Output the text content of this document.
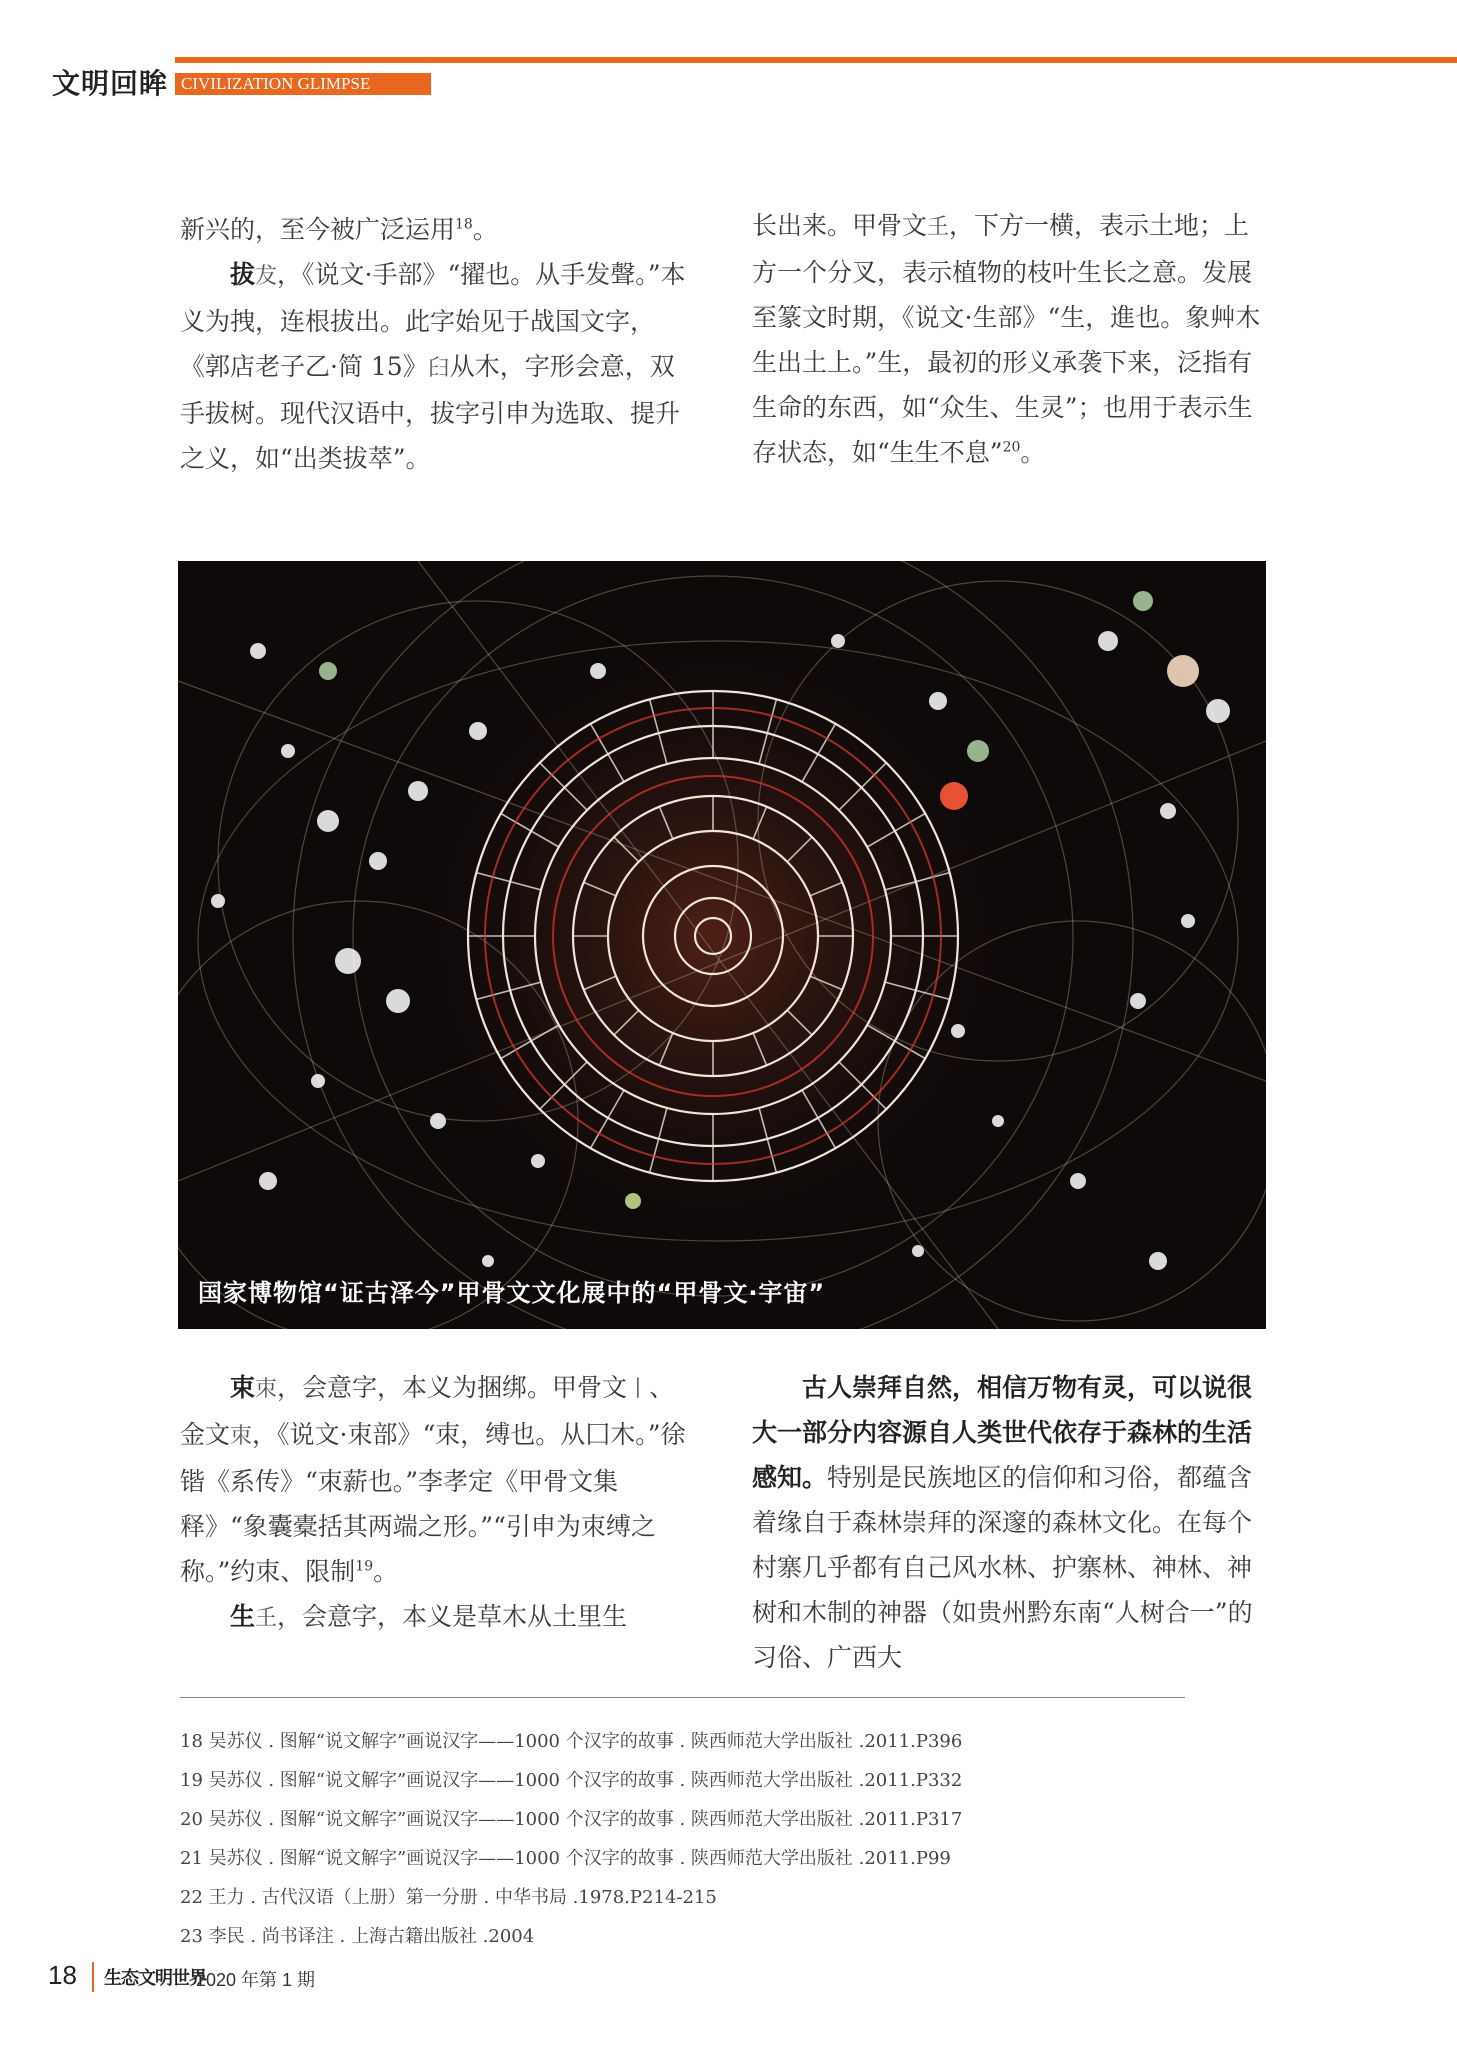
文明回眸 CIVILIZATION GLIMPSE

新兴的，至今被广泛运用$^{18}$。

拔犮，《说文·手部》“擢也。从手发聲。”本义为拽，连根拔出。此字始见于战国文字，《郭店老子乙·简 15》𦥑从木，字形会意，双手拔树。现代汉语中，拔字引申为选取、提升之义，如“出类拔萃”。

长出来。甲骨文𡈼，下方一横，表示土地；上方一个分叉，表示植物的枝叶生长之意。发展至篆文时期，《说文·生部》“生，進也。象艸木生出土上。”生，最初的形义承袭下来，泛指有生命的东西，如“众生、生灵”；也用于表示生存状态，如“生生不息”$^{20}$。

国家博物馆“证古泽今”甲骨文文化展中的“甲骨文·宇宙”

束朿，会意字，本义为捆绑。甲骨文丨、金文朿，《说文·朿部》“朿，缚也。从囗木。”徐锴《系传》“朿薪也。”李孝定《甲骨文集释》“象囊橐括其两端之形。”“引申为朿缚之称。”约朿、限制$^{19}$。

生𡈼，会意字，本义是草木从土里生

古人崇拜自然，相信万物有灵，可以说很大一部分内容源自人类世代依存于森林的生活感知。特别是民族地区的信仰和习俗，都蕴含着缘自于森林崇拜的深邃的森林文化。在每个村寨几乎都有自己风水林、护寨林、神林、神树和木制的神器（如贵州黔东南“人树合一”的习俗、广西大

18 吴苏仪 . 图解“说文解字”画说汉字——1000 个汉字的故事 . 陕西师范大学出版社 .2011.P396
19 吴苏仪 . 图解“说文解字”画说汉字——1000 个汉字的故事 . 陕西师范大学出版社 .2011.P332
20 吴苏仪 . 图解“说文解字”画说汉字——1000 个汉字的故事 . 陕西师范大学出版社 .2011.P317
21 吴苏仪 . 图解“说文解字”画说汉字——1000 个汉字的故事 . 陕西师范大学出版社 .2011.P99
22 王力 . 古代汉语（上册）第一分册 . 中华书局 .1978.P214-215
23 李民 . 尚书译注 . 上海古籍出版社 .2004
18 生态文明世界
2020 年第 1 期
